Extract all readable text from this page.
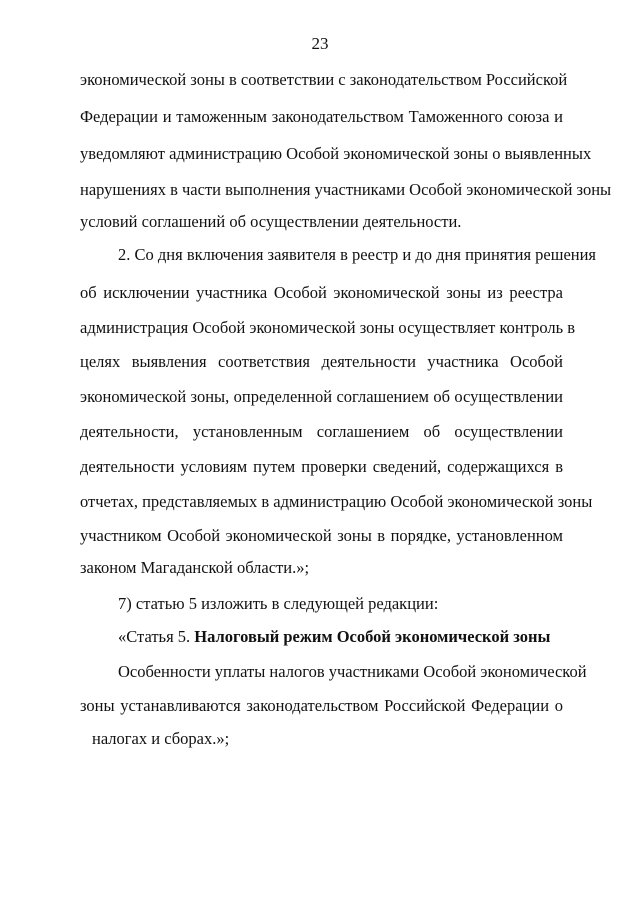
23
экономической зоны в соответствии с законодательством Российской
Федерации и таможенным законодательством Таможенного союза и
уведомляют администрацию Особой экономической зоны о выявленных
нарушениях в части выполнения участниками Особой экономической зоны
условий соглашений об осуществлении деятельности.
2. Со дня включения заявителя в реестр и до дня принятия решения
об исключении участника Особой экономической зоны из реестра
администрация Особой экономической зоны осуществляет контроль в
целях выявления соответствия деятельности участника Особой
экономической зоны, определенной соглашением об осуществлении
деятельности, установленным соглашением об осуществлении
деятельности условиям путем проверки сведений, содержащихся в
отчетах, представляемых в администрацию Особой экономической зоны
участником Особой экономической зоны в порядке, установленном
законом Магаданской области.»;
7) статью 5 изложить в следующей редакции:
«Статья 5. Налоговый режим Особой экономической зоны
Особенности уплаты налогов участниками Особой экономической
зоны устанавливаются законодательством Российской Федерации о
налогах и сборах.»;
